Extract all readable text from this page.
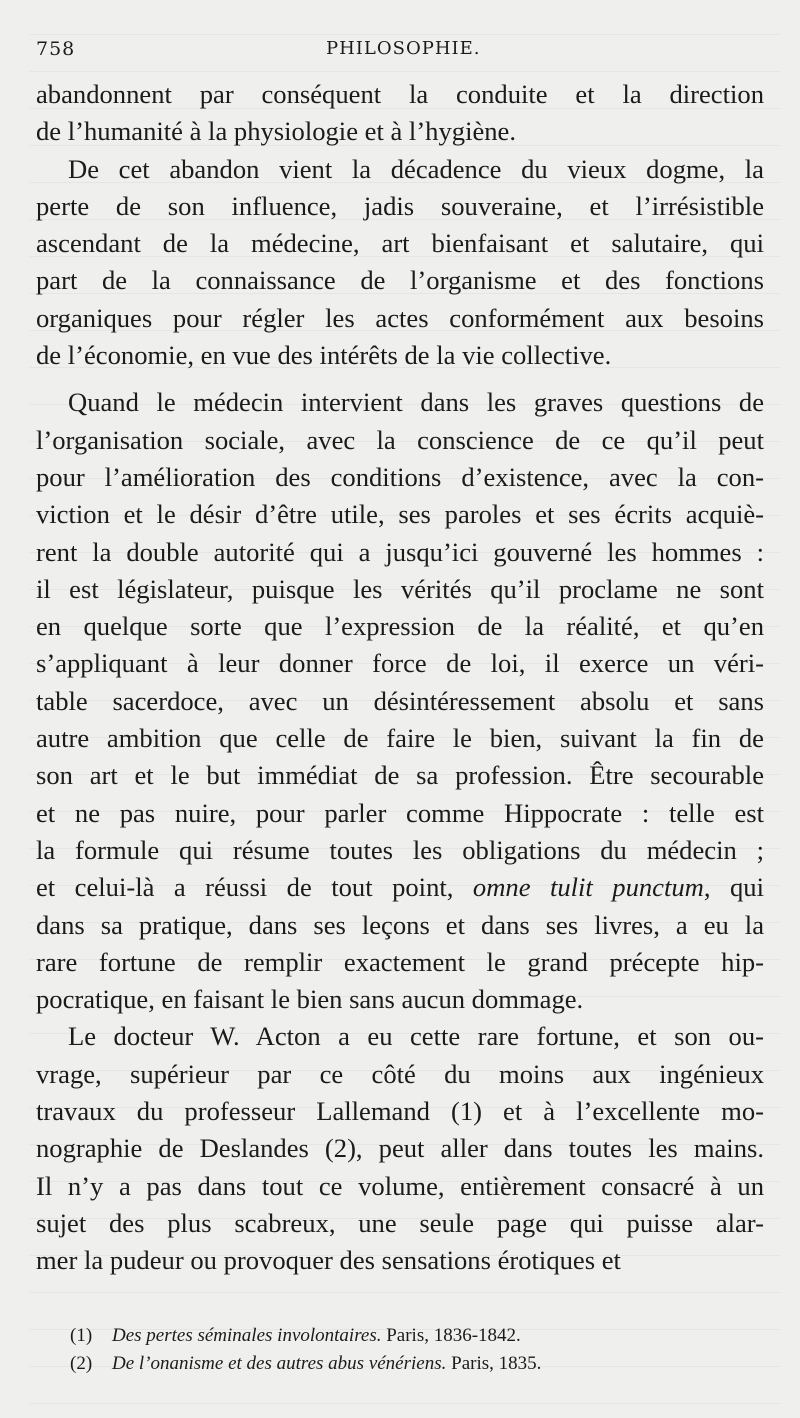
758	PHILOSOPHIE.
abandonnent par conséquent la conduite et la direction
de l’humanité à la physiologie et à l’hygiène.
De cet abandon vient la décadence du vieux dogme, la
perte de son influence, jadis souveraine, et l’irrésistible
ascendant de la médecine, art bienfaisant et salutaire, qui
part de la connaissance de l’organisme et des fonctions
organiques pour régler les actes conformément aux besoins
de l’économie, en vue des intérêts de la vie collective.
Quand le médecin intervient dans les graves questions de
l’organisation sociale, avec la conscience de ce qu’il peut
pour l’amélioration des conditions d’existence, avec la con-
viction et le désir d’être utile, ses paroles et ses écrits acquiè-
rent la double autorité qui a jusqu’ici gouverné les hommes :
il est législateur, puisque les vérités qu’il proclame ne sont
en quelque sorte que l’expression de la réalité, et qu’en
s’appliquant à leur donner force de loi, il exerce un véri-
table sacerdoce, avec un désintéressement absolu et sans
autre ambition que celle de faire le bien, suivant la fin de
son art et le but immédiat de sa profession. Être secourable
et ne pas nuire, pour parler comme Hippocrate : telle est
la formule qui résume toutes les obligations du médecin ;
et celui-là a réussi de tout point, omne tulit punctum, qui
dans sa pratique, dans ses leçons et dans ses livres, a eu la
rare fortune de remplir exactement le grand précepte hip-
pocratique, en faisant le bien sans aucun dommage.
Le docteur W. Acton a eu cette rare fortune, et son ou-
vrage, supérieur par ce côté du moins aux ingénieux
travaux du professeur Lallemand (1) et à l’excellente mo-
nographie de Deslandes (2), peut aller dans toutes les mains.
Il n’y a pas dans tout ce volume, entièrement consacré à un
sujet des plus scabreux, une seule page qui puisse alar-
mer la pudeur ou provoquer des sensations érotiques et
(1) Des pertes séminales involontaires. Paris, 1836-1842.
(2) De l’onanisme et des autres abus vénériens. Paris, 1835.
